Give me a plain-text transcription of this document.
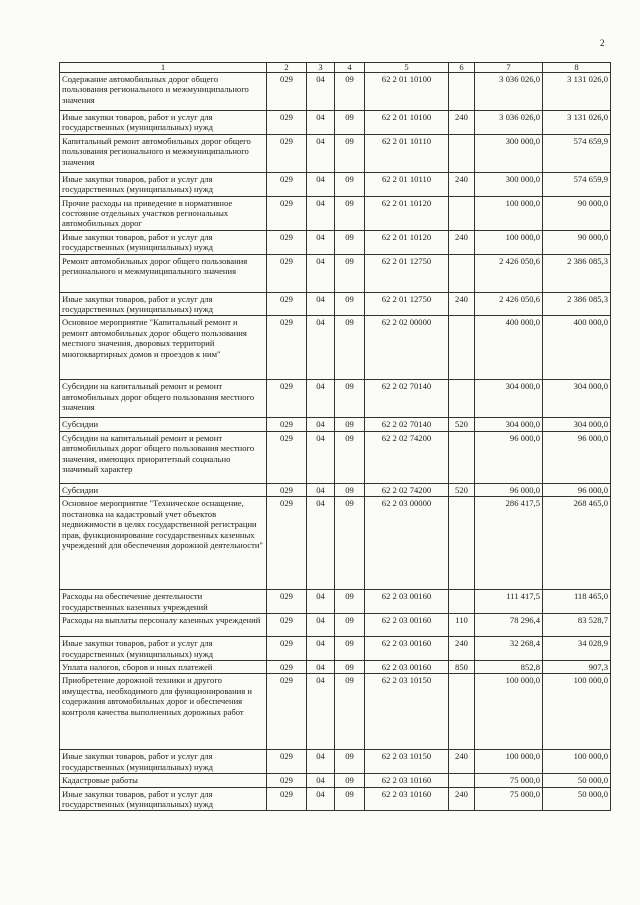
2
1	2	3	4	5	6	7	8
Содержание автомобильных дорог общего пользования регионального и межмуниципального значения	029	04	09	62 2 01 10100		3 036 026,0	3 131 026,0
Иные закупки товаров, работ и услуг для государственных (муниципальных) нужд	029	04	09	62 2 01 10100	240	3 036 026,0	3 131 026,0
Капитальный ремонт автомобильных дорог общего пользования регионального и межмуниципального значения	029	04	09	62 2 01 10110		300 000,0	574 659,9
Иные закупки товаров, работ и услуг для государственных (муниципальных) нужд	029	04	09	62 2 01 10110	240	300 000,0	574 659,9
Прочие расходы на приведение в нормативное состояние отдельных участков региональных автомобильных дорог	029	04	09	62 2 01 10120		100 000,0	90 000,0
Иные закупки товаров, работ и услуг для государственных (муниципальных) нужд	029	04	09	62 2 01 10120	240	100 000,0	90 000,0
Ремонт автомобильных дорог общего пользования регионального и межмуниципального значения	029	04	09	62 2 01 12750		2 426 050,6	2 386 085,3
Иные закупки товаров, работ и услуг для государственных (муниципальных) нужд	029	04	09	62 2 01 12750	240	2 426 050,6	2 386 085,3
Основное мероприятие "Капитальный ремонт и ремонт автомобильных дорог общего пользования местного значения, дворовых территорий многоквартирных домов и проездов к ним"	029	04	09	62 2 02 00000		400 000,0	400 000,0
Субсидии на капитальный ремонт и ремонт автомобильных дорог общего пользования местного значения	029	04	09	62 2 02 70140		304 000,0	304 000,0
Субсидии	029	04	09	62 2 02 70140	520	304 000,0	304 000,0
Субсидии на капитальный ремонт и ремонт автомобильных дорог общего пользования местного значения, имеющих приоритетный социально значимый характер	029	04	09	62 2 02 74200		96 000,0	96 000,0
Субсидии	029	04	09	62 2 02 74200	520	96 000,0	96 000,0
Основное мероприятие "Техническое оснащение, постановка на кадастровый учет объектов недвижимости в целях государственной регистрации прав, функционирование государственных казенных учреждений для обеспечения дорожной деятельности"	029	04	09	62 2 03 00000		286 417,5	268 465,0
Расходы на обеспечение деятельности государственных казенных учреждений	029	04	09	62 2 03 00160		111 417,5	118 465,0
Расходы на выплаты персоналу казенных учреждений	029	04	09	62 2 03 00160	110	78 296,4	83 528,7
Иные закупки товаров, работ и услуг для государственных (муниципальных) нужд	029	04	09	62 2 03 00160	240	32 268,4	34 028,9
Уплата налогов, сборов и иных платежей	029	04	09	62 2 03 00160	850	852,8	907,3
Приобретение дорожной техники и другого имущества, необходимого для функционирования и содержания автомобильных дорог и обеспечения контроля качества выполненных дорожных работ	029	04	09	62 2 03 10150		100 000,0	100 000,0
Иные закупки товаров, работ и услуг для государственных (муниципальных) нужд	029	04	09	62 2 03 10150	240	100 000,0	100 000,0
Кадастровые работы	029	04	09	62 2 03 10160		75 000,0	50 000,0
Иные закупки товаров, работ и услуг для государственных (муниципальных) нужд	029	04	09	62 2 03 10160	240	75 000,0	50 000,0
